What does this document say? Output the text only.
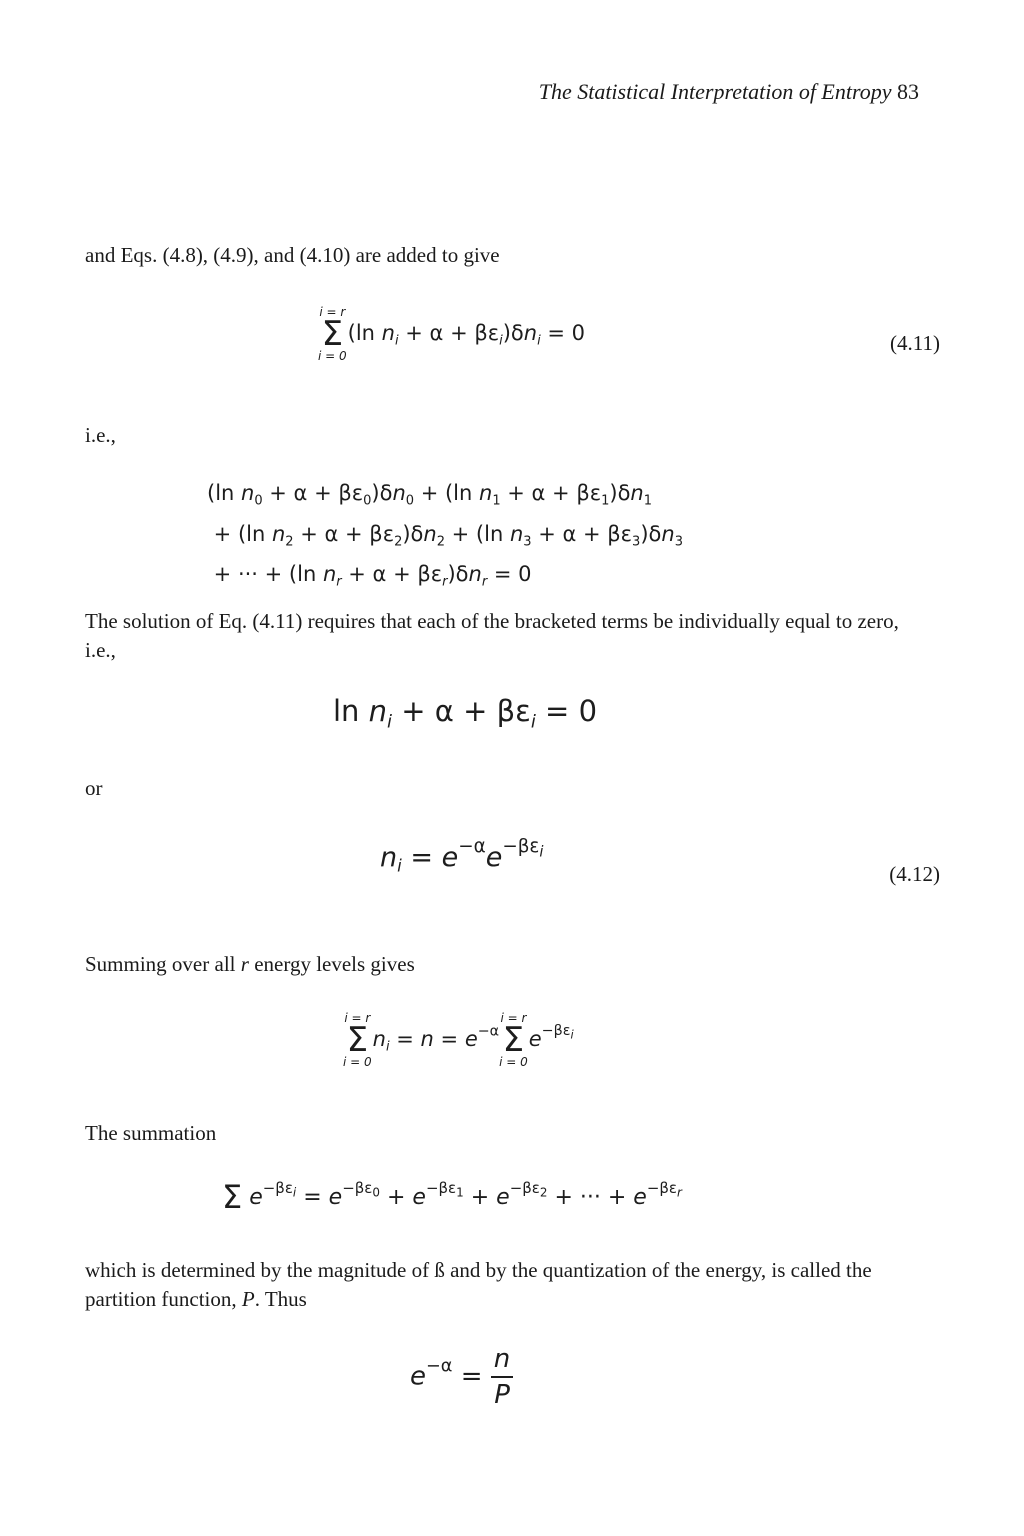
The Statistical Interpretation of Entropy 83
and Eqs. (4.8), (4.9), and (4.10) are added to give
i = r
Σ
i = 0
(ln $n_i + \alpha + \beta\varepsilon_i)\delta n_i = 0$	(4.11)
i.e.,
(ln $n_0 + \alpha + \beta\varepsilon_0)\delta n_0 + (\ln$ $n_1 + \alpha + \beta\varepsilon_1)\delta n_1$
+ (ln $n_2 + \alpha + \beta\varepsilon_2)\delta n_2 + (\ln$ $n_3 + \alpha + \beta\varepsilon_3)\delta n_3$
+ ··· + (ln $n_r + \alpha + \beta\varepsilon_r)\delta n_r = 0$
The solution of Eq. (4.11) requires that each of the bracketed terms be individually equal to zero, i.e.,
$\ln n_i + \alpha + \beta\varepsilon_i = 0$
or
$n_i = e^{-\alpha}e^{-\beta\varepsilon_i}$
(4.12)
Summing over all r energy levels gives
i = r
Σ
i = 0
$n_i = n = e^{-\alpha}$
i = r
Σ
i = 0
$e^{-\beta\varepsilon_i}$
The summation
Σ $e^{-\beta\varepsilon_i} = e^{-\beta\varepsilon_0} + e^{-\beta\varepsilon_1} + e^{-\beta\varepsilon_2}$ + ··· + $e^{-\beta\varepsilon_r}$
which is determined by the magnitude of ß and by the quantization of the energy, is called the partition function, P. Thus
$e^{-\alpha} = \frac{n}{P}$
